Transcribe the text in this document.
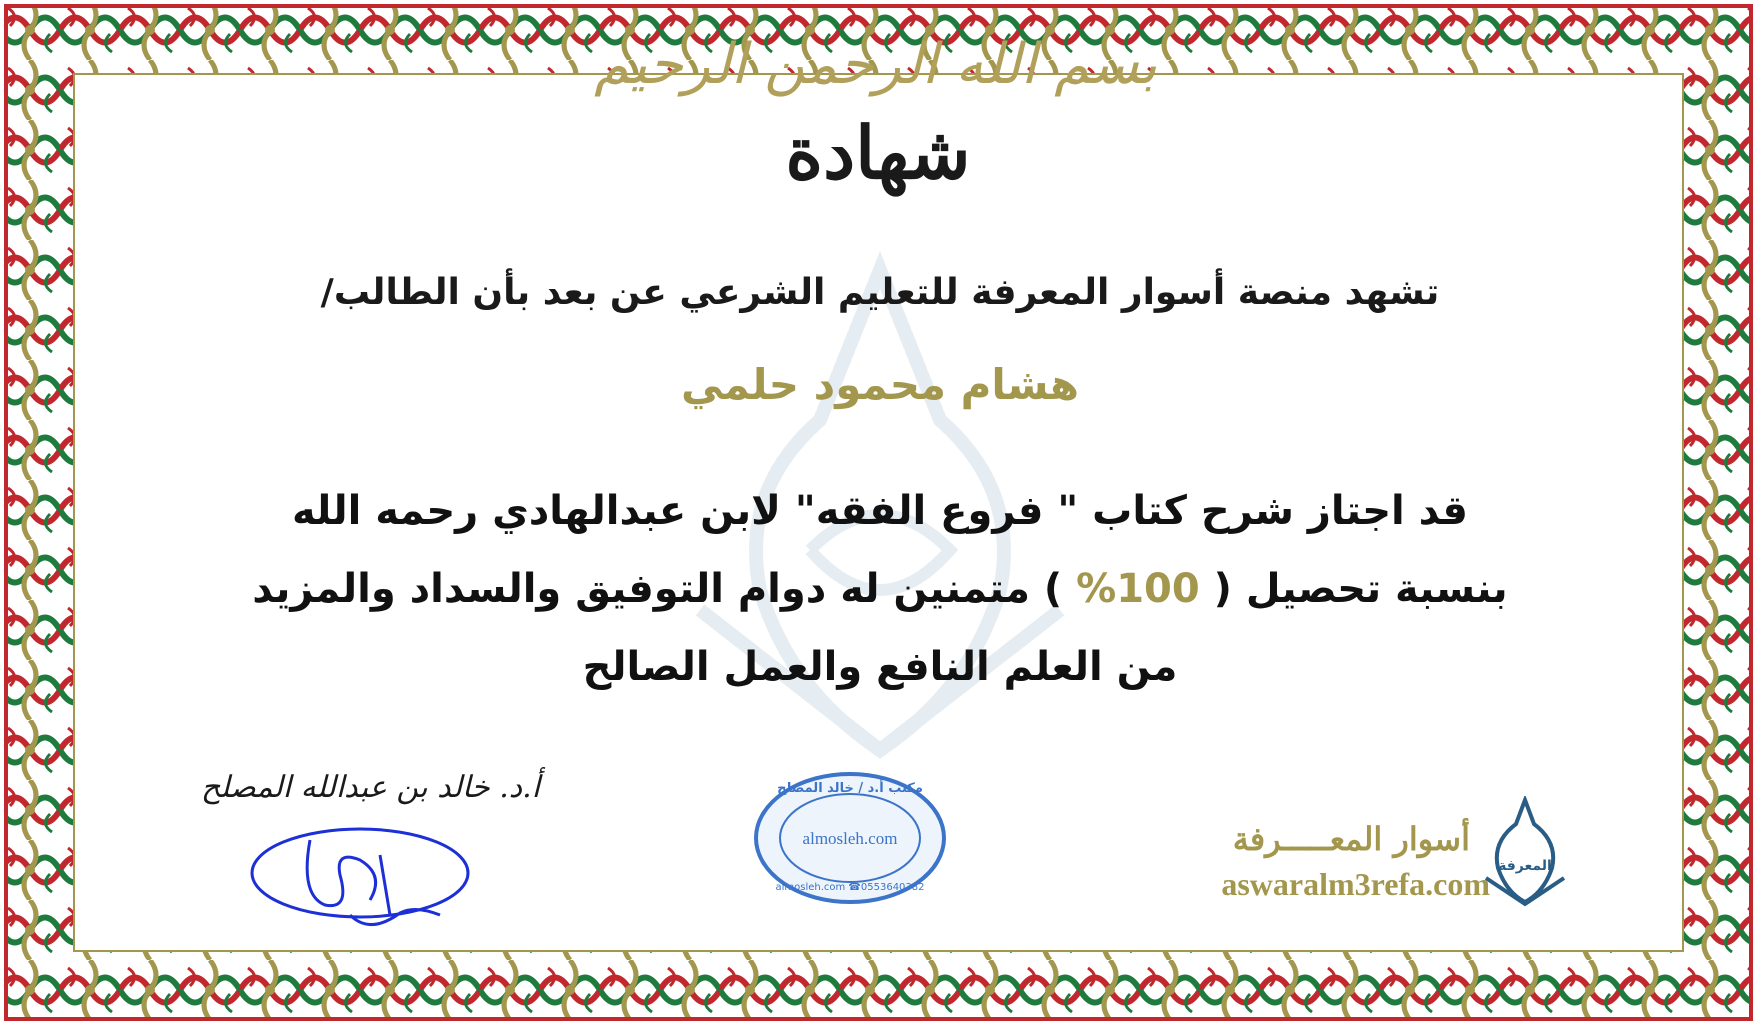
بسم الله الرحمن الرحيم
شهادة
تشهد منصة أسوار المعرفة للتعليم الشرعي عن بعد بأن الطالب/
هشام محمود حلمي
قد اجتاز شرح كتاب " فروع الفقه" لابن عبدالهادي رحمه الله
بنسبة تحصيل ( 100% ) متمنين له دوام التوفيق والسداد والمزيد
من العلم النافع والعمل الصالح
أ.د. خالد بن عبدالله المصلح	مكتب أ.د / خالد المصلح
almosleh.com
almosleh.com ☎0553640382
أسوار المعـــــرفة
aswaralm3refa.com المعرفة
